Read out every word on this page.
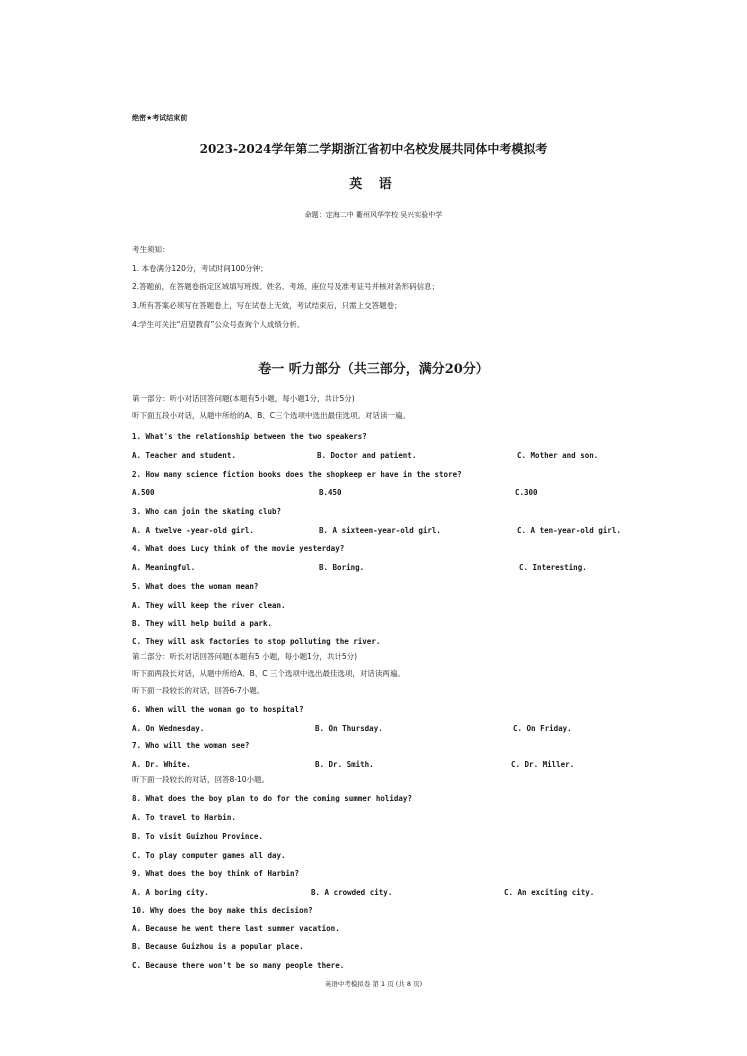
绝密★考试结束前
2023-2024学年第二学期浙江省初中名校发展共同体中考模拟考
英 语
命题：定海二中 衢州风华学校 吴兴实验中学
考生须知：
1. 本卷满分120分，考试时间100分钟；
2.答题前，在答题卷指定区域填写班级、姓名、考场、座位号及准考证号并核对条形码信息；
3.所有答案必须写在答题卷上，写在试卷上无效，考试结束后，只需上交答题卷；
4.学生可关注“启望教育”公众号查询个人成绩分析。
卷一 听力部分（共三部分，满分20分）
第一部分：听小对话回答问题(本题有5小题，每小题1分，共计5分)
听下面五段小对话，从题中所给的A、B、C三个选项中选出最佳选项。对话读一遍。
1. What's the relationship between the two speakers?
A. Teacher and student.	B. Doctor and patient.	C. Mother and son.
2. How many science fiction books does the shopkeep er have in the store?
A.500	B.450	C.300
3. Who can join the skating club?
A. A twelve -year-old girl.	B. A sixteen-year-old girl.	C. A ten-year-old girl.
4. What does Lucy think of the movie yesterday?
A. Meaningful.	B. Boring.	C. Interesting.
5. What does the woman mean?
A. They will keep the river clean.
B. They will help build a park.
C. They will ask factories to stop polluting the river.
第二部分：听长对话回答问题(本题有5 小题，每小题1分，共计5分)
听下面两段长对话，从题中所给A、B、C 三个选项中选出最佳选项，对话读两遍。
听下面一段较长的对话，回答6-7小题。
6. When will the woman go to hospital?
A. On Wednesday.	B. On Thursday.	C. On Friday.
7. Who will the woman see?
A. Dr. White.	B. Dr. Smith.	C. Dr. Miller.
听下面一段较长的对话，回答8-10小题。
8. What does the boy plan to do for the coming summer holiday?
A. To travel to Harbin.
B. To visit Guizhou Province.
C. To play computer games all day.
9. What does the boy think of Harbin?
A. A boring city.	B. A crowded city.	C. An exciting city.
10. Why does the boy make this decision?
A. Because he went there last summer vacation.
B. Because Guizhou is a popular place.
C. Because there won't be so many people there.
英语中考模拟卷 第 1 页 (共 8 页)
